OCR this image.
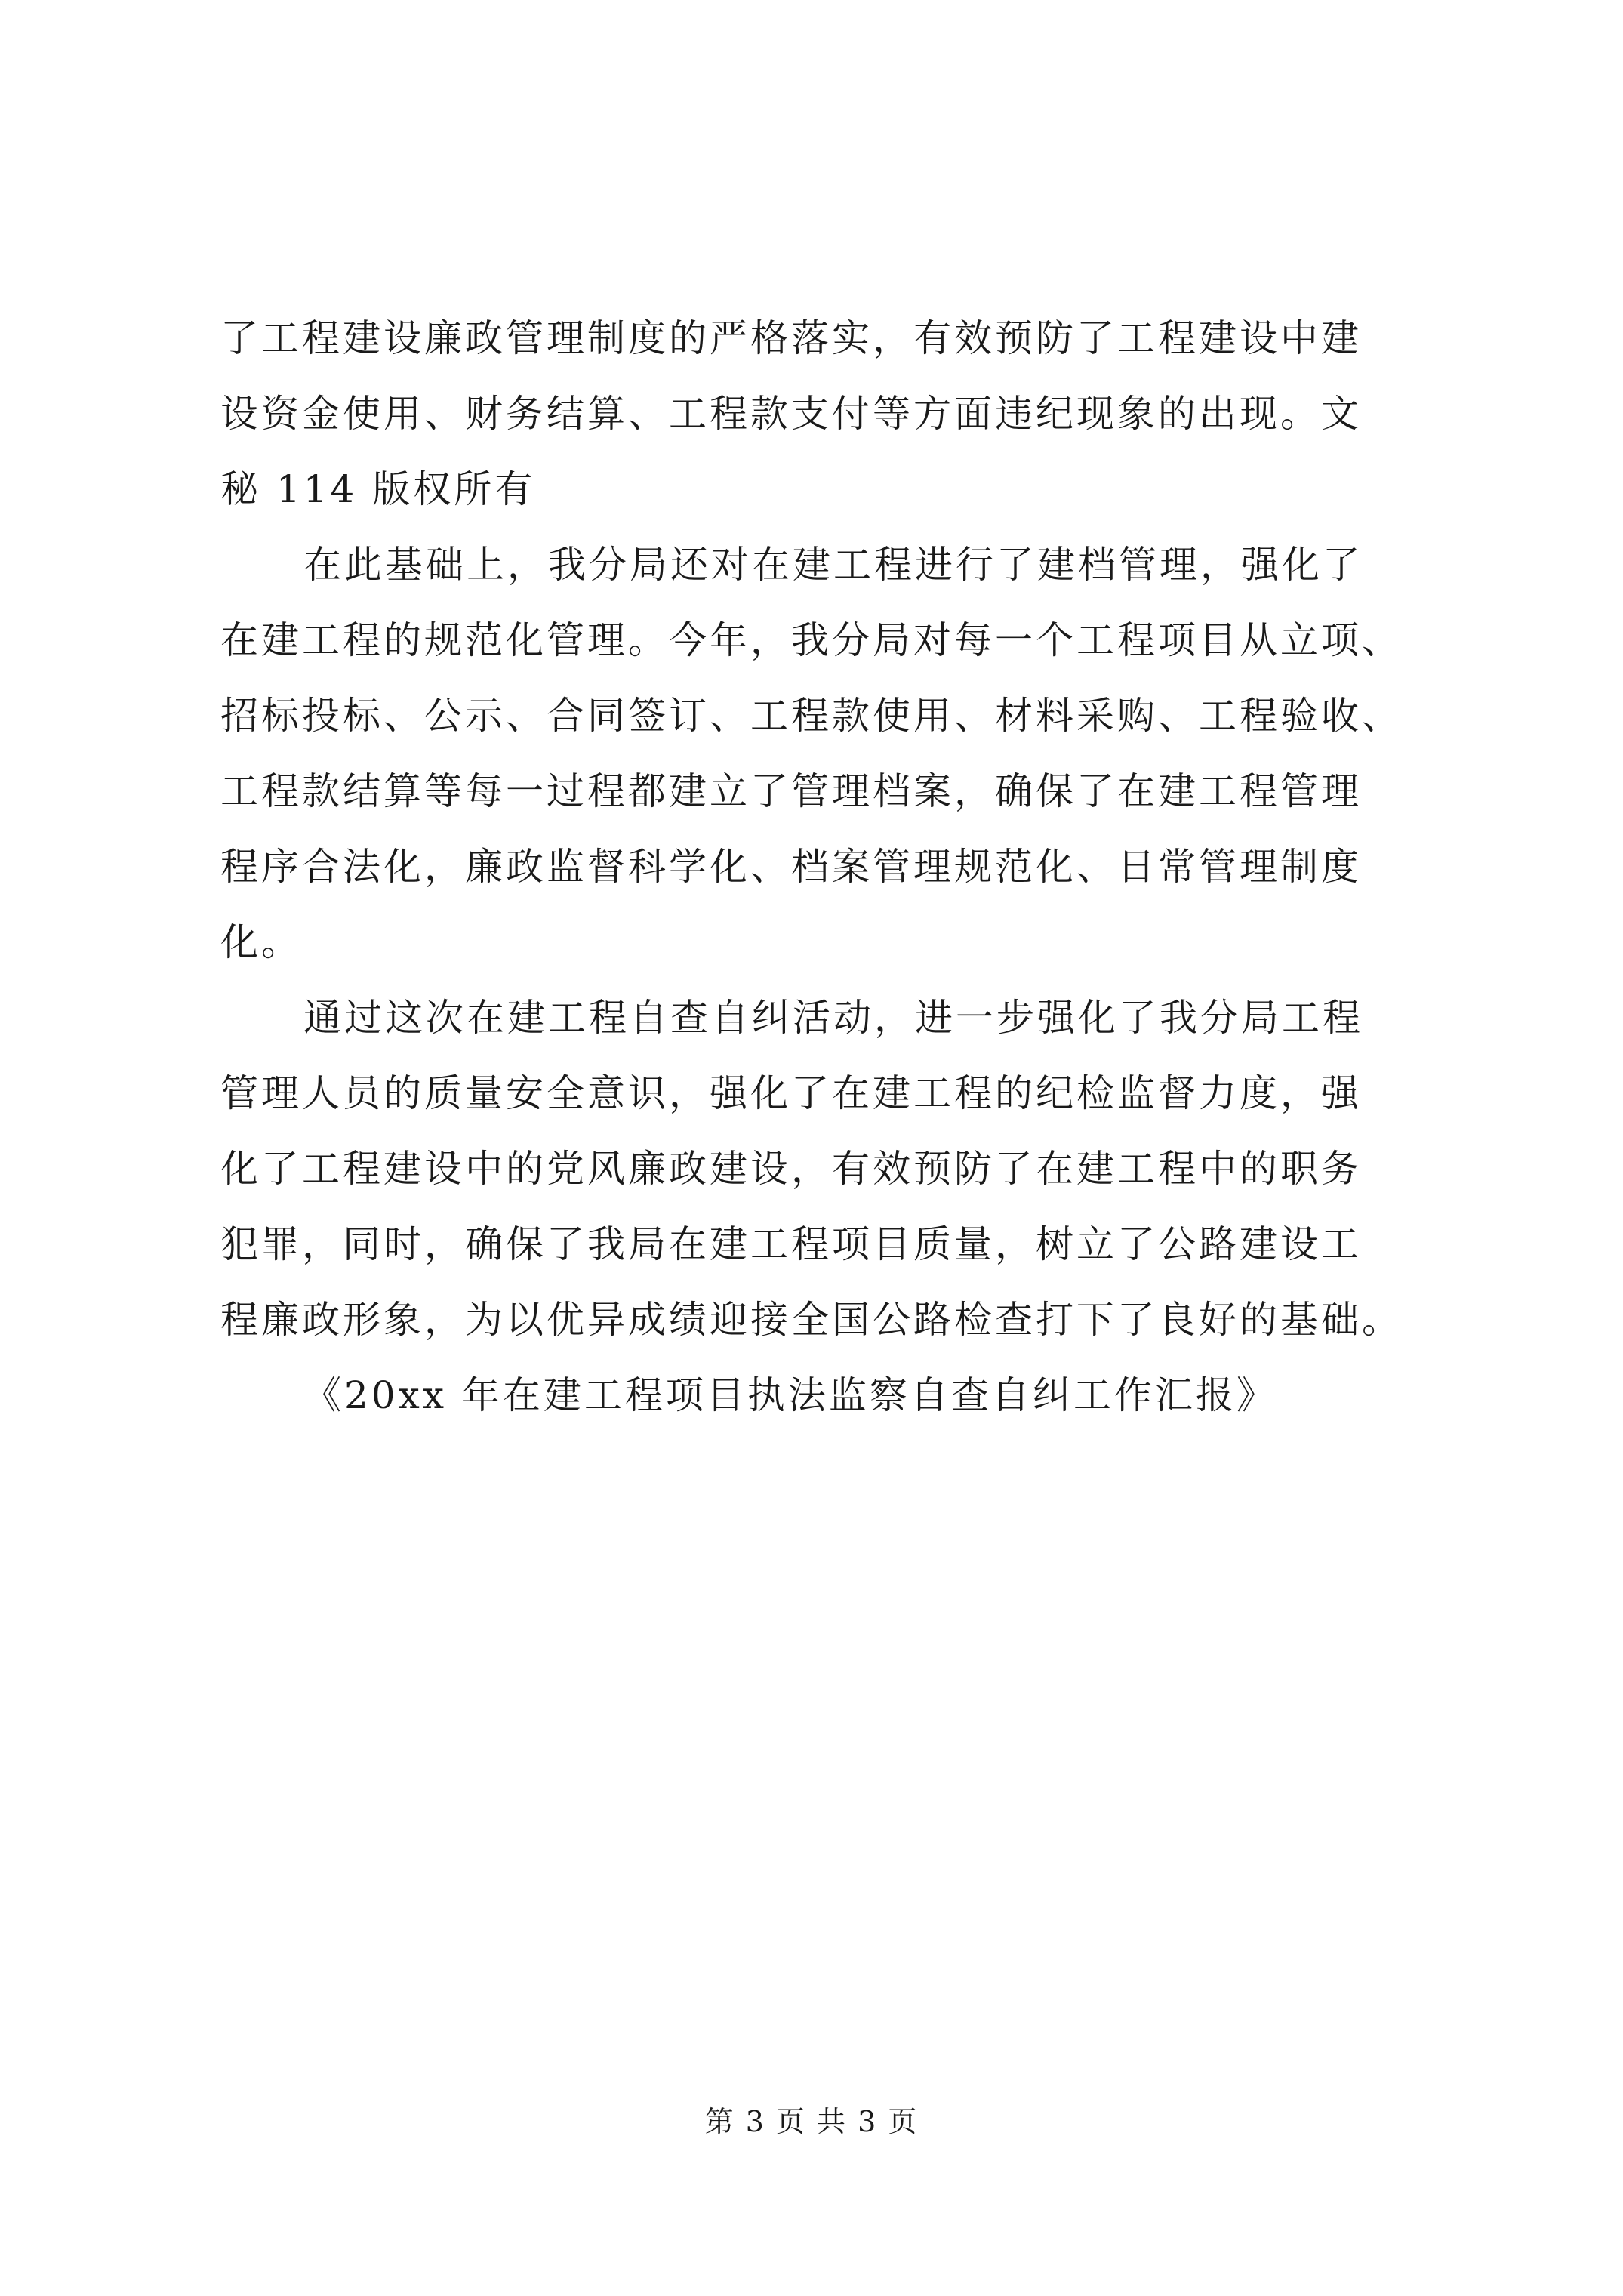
了工程建设廉政管理制度的严格落实，有效预防了工程建设中建
设资金使用、财务结算、工程款支付等方面违纪现象的出现。文
秘 114 版权所有
在此基础上，我分局还对在建工程进行了建档管理，强化了
在建工程的规范化管理。今年，我分局对每一个工程项目从立项、
招标投标、公示、合同签订、工程款使用、材料采购、工程验收、
工程款结算等每一过程都建立了管理档案，确保了在建工程管理
程序合法化，廉政监督科学化、档案管理规范化、日常管理制度
化。
通过这次在建工程自查自纠活动，进一步强化了我分局工程
管理人员的质量安全意识，强化了在建工程的纪检监督力度，强
化了工程建设中的党风廉政建设，有效预防了在建工程中的职务
犯罪，同时，确保了我局在建工程项目质量，树立了公路建设工
程廉政形象，为以优异成绩迎接全国公路检查打下了良好的基础。
《20xx 年在建工程项目执法监察自查自纠工作汇报》
第 3 页 共 3 页
